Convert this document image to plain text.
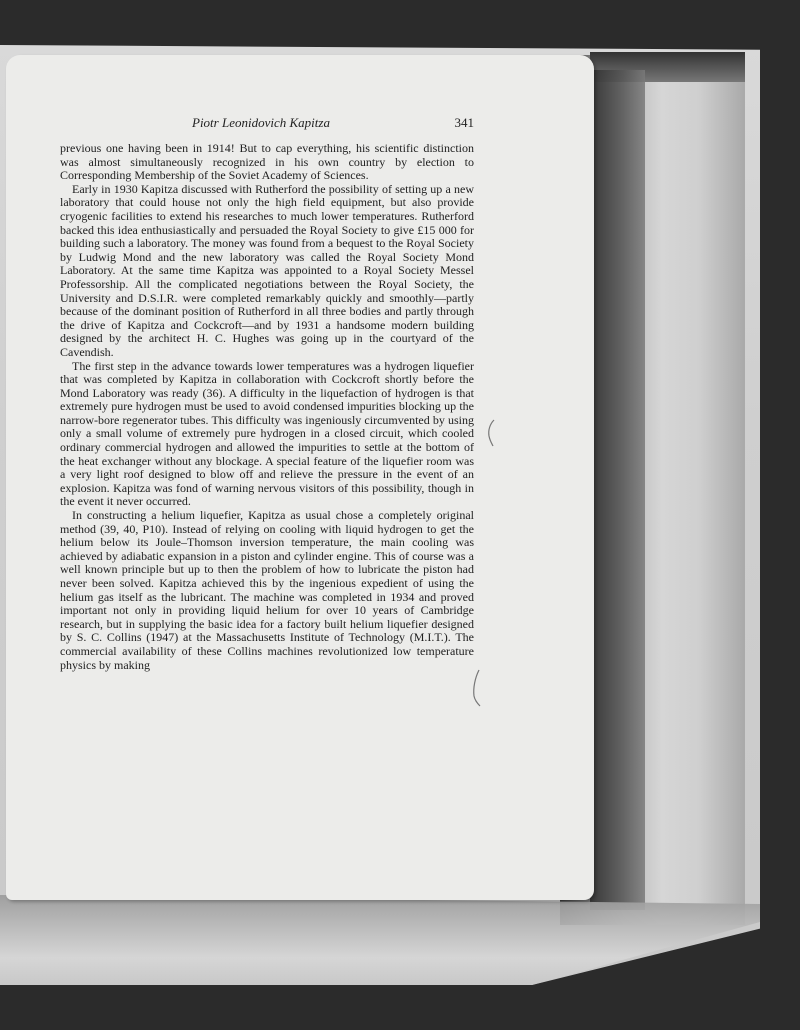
Piotr Leonidovich Kapitza	341

previous one having been in 1914! But to cap everything, his scientific distinction was almost simultaneously recognized in his own country by election to Corresponding Membership of the Soviet Academy of Sciences.

Early in 1930 Kapitza discussed with Rutherford the possibility of setting up a new laboratory that could house not only the high field equipment, but also provide cryogenic facilities to extend his researches to much lower temperatures. Rutherford backed this idea enthusiastically and persuaded the Royal Society to give £15 000 for building such a laboratory. The money was found from a bequest to the Royal Society by Ludwig Mond and the new laboratory was called the Royal Society Mond Laboratory. At the same time Kapitza was appointed to a Royal Society Messel Professorship. All the complicated negotiations between the Royal Society, the University and D.S.I.R. were completed remarkably quickly and smoothly—partly because of the dominant position of Rutherford in all three bodies and partly through the drive of Kapitza and Cockcroft—and by 1931 a handsome modern building designed by the architect H. C. Hughes was going up in the courtyard of the Cavendish.

The first step in the advance towards lower temperatures was a hydrogen liquefier that was completed by Kapitza in collaboration with Cockcroft shortly before the Mond Laboratory was ready (36). A difficulty in the liquefaction of hydrogen is that extremely pure hydrogen must be used to avoid condensed impurities blocking up the narrow-bore regenerator tubes. This difficulty was ingeniously circumvented by using only a small volume of extremely pure hydrogen in a closed circuit, which cooled ordinary commercial hydrogen and allowed the impurities to settle at the bottom of the heat exchanger without any blockage. A special feature of the liquefier room was a very light roof designed to blow off and relieve the pressure in the event of an explosion. Kapitza was fond of warning nervous visitors of this possibility, though in the event it never occurred.

In constructing a helium liquefier, Kapitza as usual chose a completely original method (39, 40, P10). Instead of relying on cooling with liquid hydrogen to get the helium below its Joule–Thomson inversion temperature, the main cooling was achieved by adiabatic expansion in a piston and cylinder engine. This of course was a well known principle but up to then the problem of how to lubricate the piston had never been solved. Kapitza achieved this by the ingenious expedient of using the helium gas itself as the lubricant. The machine was completed in 1934 and proved important not only in providing liquid helium for over 10 years of Cambridge research, but in supplying the basic idea for a factory built helium liquefier designed by S. C. Collins (1947) at the Massachusetts Institute of Technology (M.I.T.). The commercial availability of these Collins machines revolutionized low temperature physics by making
